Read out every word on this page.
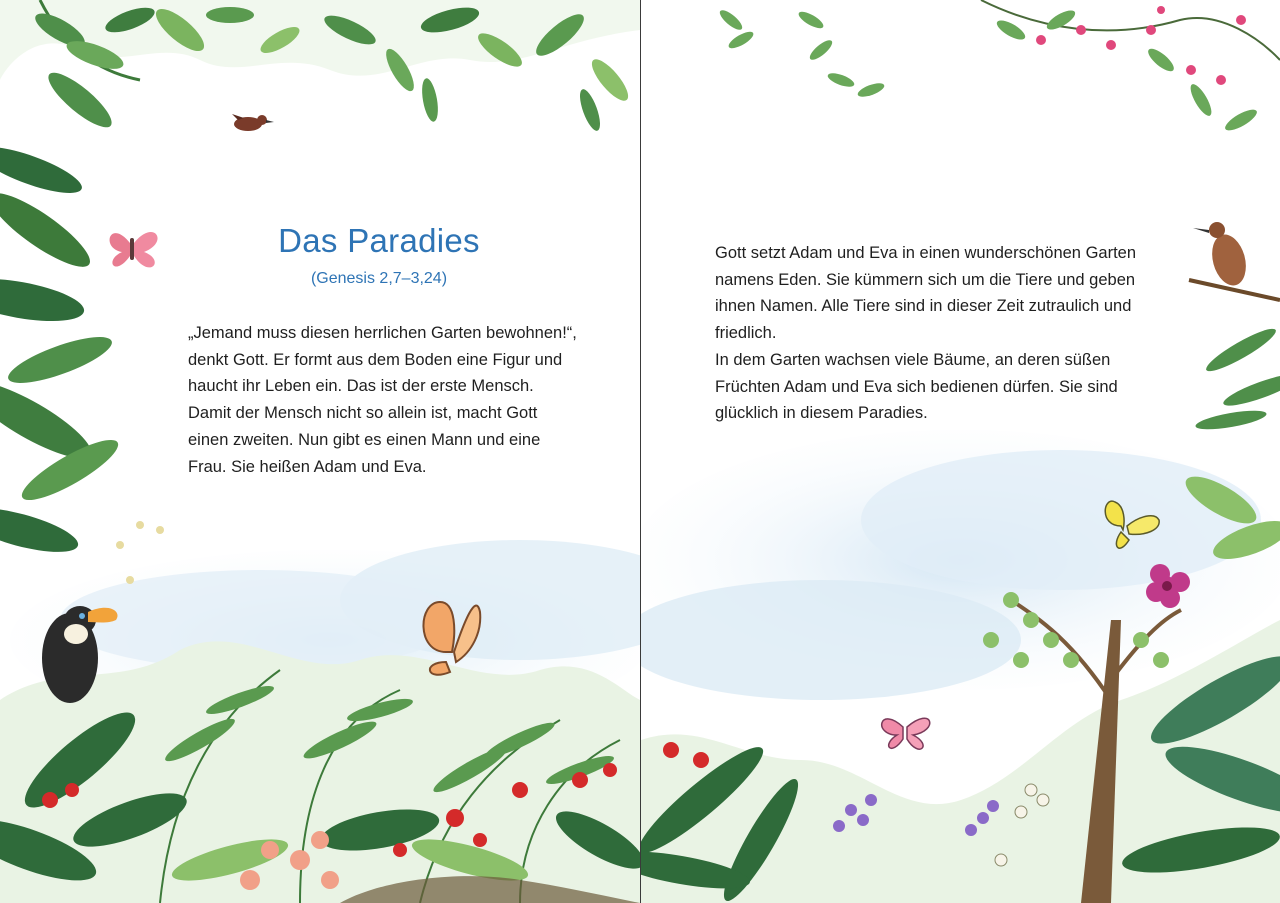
Das Paradies
(Genesis 2,7–3,24)
„Jemand muss diesen herrlichen Garten bewohnen!“,
denkt Gott. Er formt aus dem Boden eine Figur und
haucht ihr Leben ein. Das ist der erste Mensch.
Damit der Mensch nicht so allein ist, macht Gott
einen zweiten. Nun gibt es einen Mann und eine
Frau. Sie heißen Adam und Eva.
Gott setzt Adam und Eva in einen wunderschönen Garten
namens Eden. Sie kümmern sich um die Tiere und geben
ihnen Namen. Alle Tiere sind in dieser Zeit zutraulich und
friedlich.
In dem Garten wachsen viele Bäume, an deren süßen
Früchten Adam und Eva sich bedienen dürfen. Sie sind
glücklich in diesem Paradies.
